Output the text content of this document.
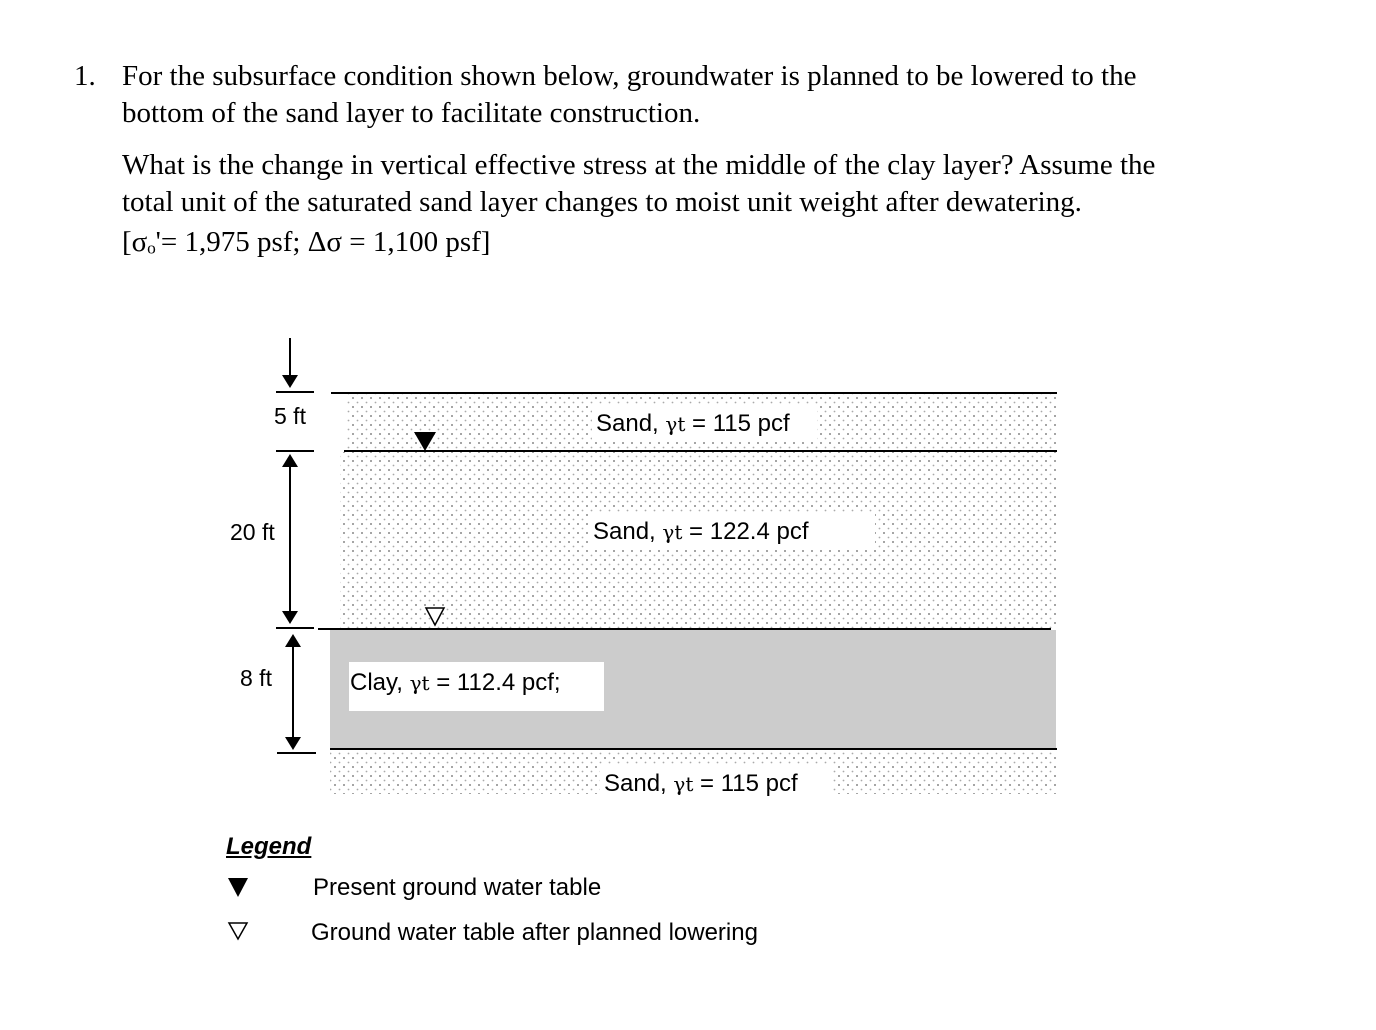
1. For the subsurface condition shown below, groundwater is planned to be lowered to the
bottom of the sand layer to facilitate construction.
What is the change in vertical effective stress at the middle of the clay layer? Assume the
total unit of the saturated sand layer changes to moist unit weight after dewatering.
[σₒ'= 1,975 psf; Δσ = 1,100 psf]
5 ft
20 ft
8 ft
Sand, γt = 115 pcf
Sand, γt = 122.4 pcf
Clay, γt = 112.4 pcf;
Sand, γt = 115 pcf
Legend
Present ground water table
Ground water table after planned lowering
